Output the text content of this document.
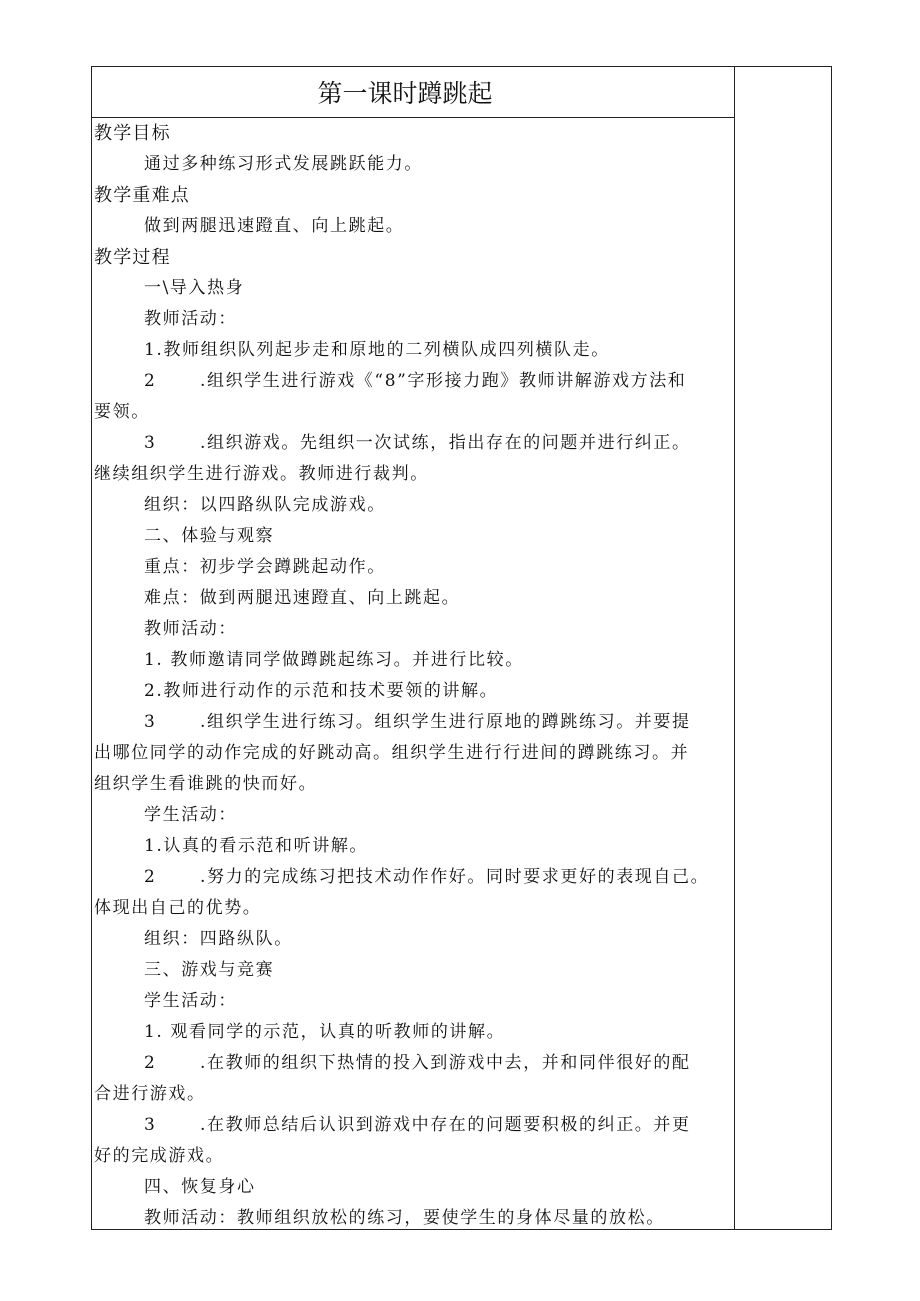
第一课时蹲跳起

教学目标

通过多种练习形式发展跳跃能力。

教学重难点

做到两腿迅速蹬直、向上跳起。

教学过程

一\导入热身

教师活动：

1.教师组织队列起步走和原地的二列横队成四列横队走。

2	.组织学生进行游戏《“8”字形接力跑》教师讲解游戏方法和

要领。

3	.组织游戏。先组织一次试练，指出存在的问题并进行纠正。

继续组织学生进行游戏。教师进行裁判。

组织：以四路纵队完成游戏。

二、体验与观察

重点：初步学会蹲跳起动作。

难点：做到两腿迅速蹬直、向上跳起。

教师活动：

1. 教师邀请同学做蹲跳起练习。并进行比较。

2.教师进行动作的示范和技术要领的讲解。

3	.组织学生进行练习。组织学生进行原地的蹲跳练习。并要提

出哪位同学的动作完成的好跳动高。组织学生进行行进间的蹲跳练习。并

组织学生看谁跳的快而好。

学生活动：

1.认真的看示范和听讲解。

2	.努力的完成练习把技术动作作好。同时要求更好的表现自己。

体现出自己的优势。

组织：四路纵队。

三、游戏与竞赛

学生活动：

1. 观看同学的示范，认真的听教师的讲解。

2	.在教师的组织下热情的投入到游戏中去，并和同伴很好的配

合进行游戏。

3	.在教师总结后认识到游戏中存在的问题要积极的纠正。并更

好的完成游戏。

四、恢复身心

教师活动：教师组织放松的练习，要使学生的身体尽量的放松。
